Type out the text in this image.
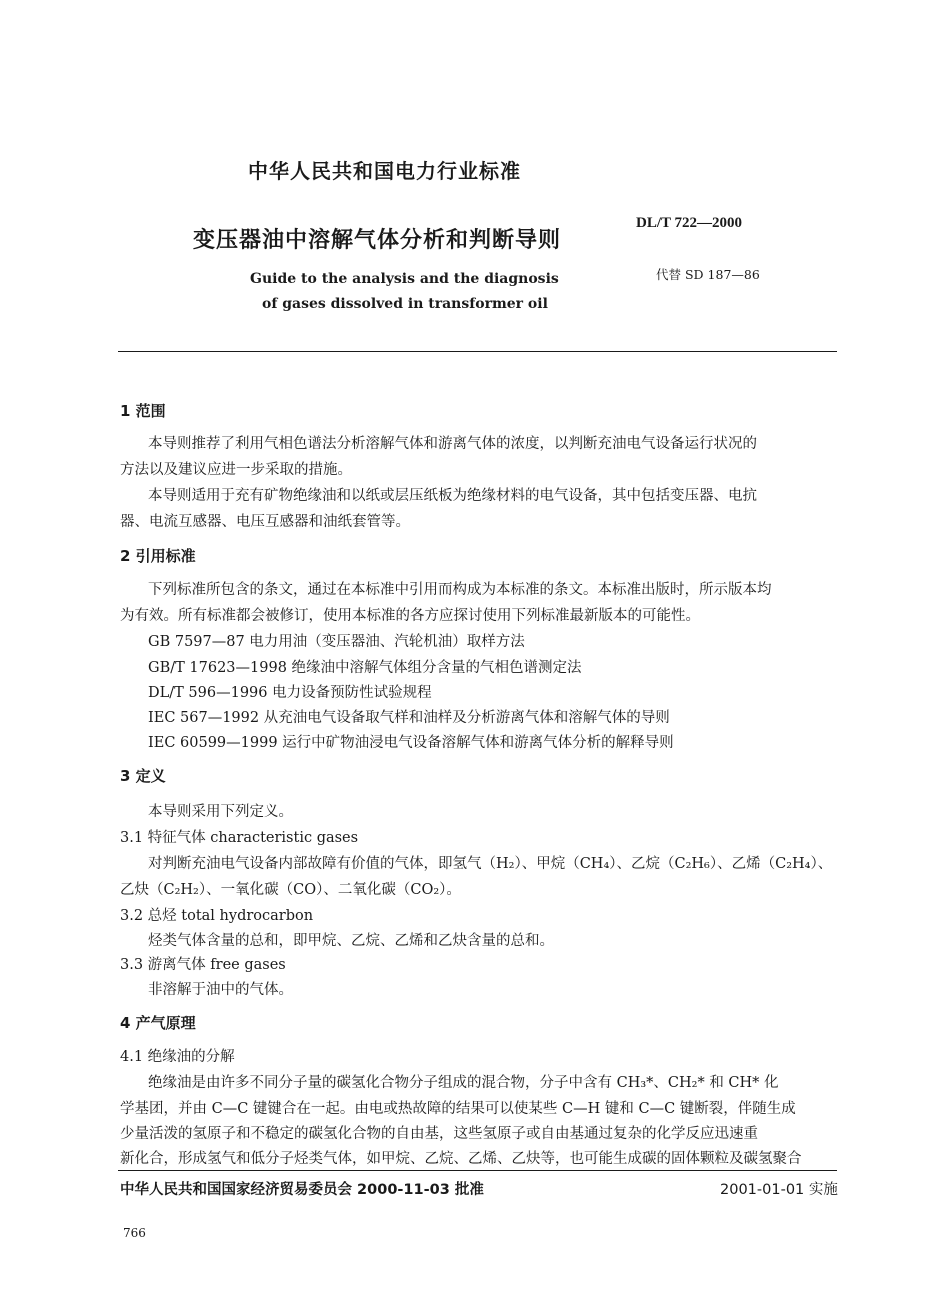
中华人民共和国电力行业标准
变压器油中溶解气体分析和判断导则
DL/T 722—2000
Guide to the analysis and the diagnosis	代替 SD 187—86
of gases dissolved in transformer oil
1 范围
本导则推荐了利用气相色谱法分析溶解气体和游离气体的浓度，以判断充油电气设备运行状况的
方法以及建议应进一步采取的措施。
本导则适用于充有矿物绝缘油和以纸或层压纸板为绝缘材料的电气设备，其中包括变压器、电抗
器、电流互感器、电压互感器和油纸套管等。
2 引用标准
下列标准所包含的条文，通过在本标准中引用而构成为本标准的条文。本标准出版时，所示版本均
为有效。所有标准都会被修订，使用本标准的各方应探讨使用下列标准最新版本的可能性。
GB 7597—87 电力用油（变压器油、汽轮机油）取样方法
GB/T 17623—1998 绝缘油中溶解气体组分含量的气相色谱测定法
DL/T 596—1996 电力设备预防性试验规程
IEC 567—1992 从充油电气设备取气样和油样及分析游离气体和溶解气体的导则
IEC 60599—1999 运行中矿物油浸电气设备溶解气体和游离气体分析的解释导则
3 定义
本导则采用下列定义。
3.1 特征气体 characteristic gases
对判断充油电气设备内部故障有价值的气体，即氢气（H₂）、甲烷（CH₄）、乙烷（C₂H₆）、乙烯（C₂H₄）、
乙炔（C₂H₂）、一氧化碳（CO）、二氧化碳（CO₂）。
3.2 总烃 total hydrocarbon
烃类气体含量的总和，即甲烷、乙烷、乙烯和乙炔含量的总和。
3.3 游离气体 free gases
非溶解于油中的气体。
4 产气原理
4.1 绝缘油的分解
绝缘油是由许多不同分子量的碳氢化合物分子组成的混合物，分子中含有 CH₃*、CH₂* 和 CH* 化
学基团，并由 C—C 键键合在一起。由电或热故障的结果可以使某些 C—H 键和 C—C 键断裂，伴随生成
少量活泼的氢原子和不稳定的碳氢化合物的自由基，这些氢原子或自由基通过复杂的化学反应迅速重
新化合，形成氢气和低分子烃类气体，如甲烷、乙烷、乙烯、乙炔等，也可能生成碳的固体颗粒及碳氢聚合
中华人民共和国国家经济贸易委员会 2000-11-03 批准	2001-01-01 实施
766
